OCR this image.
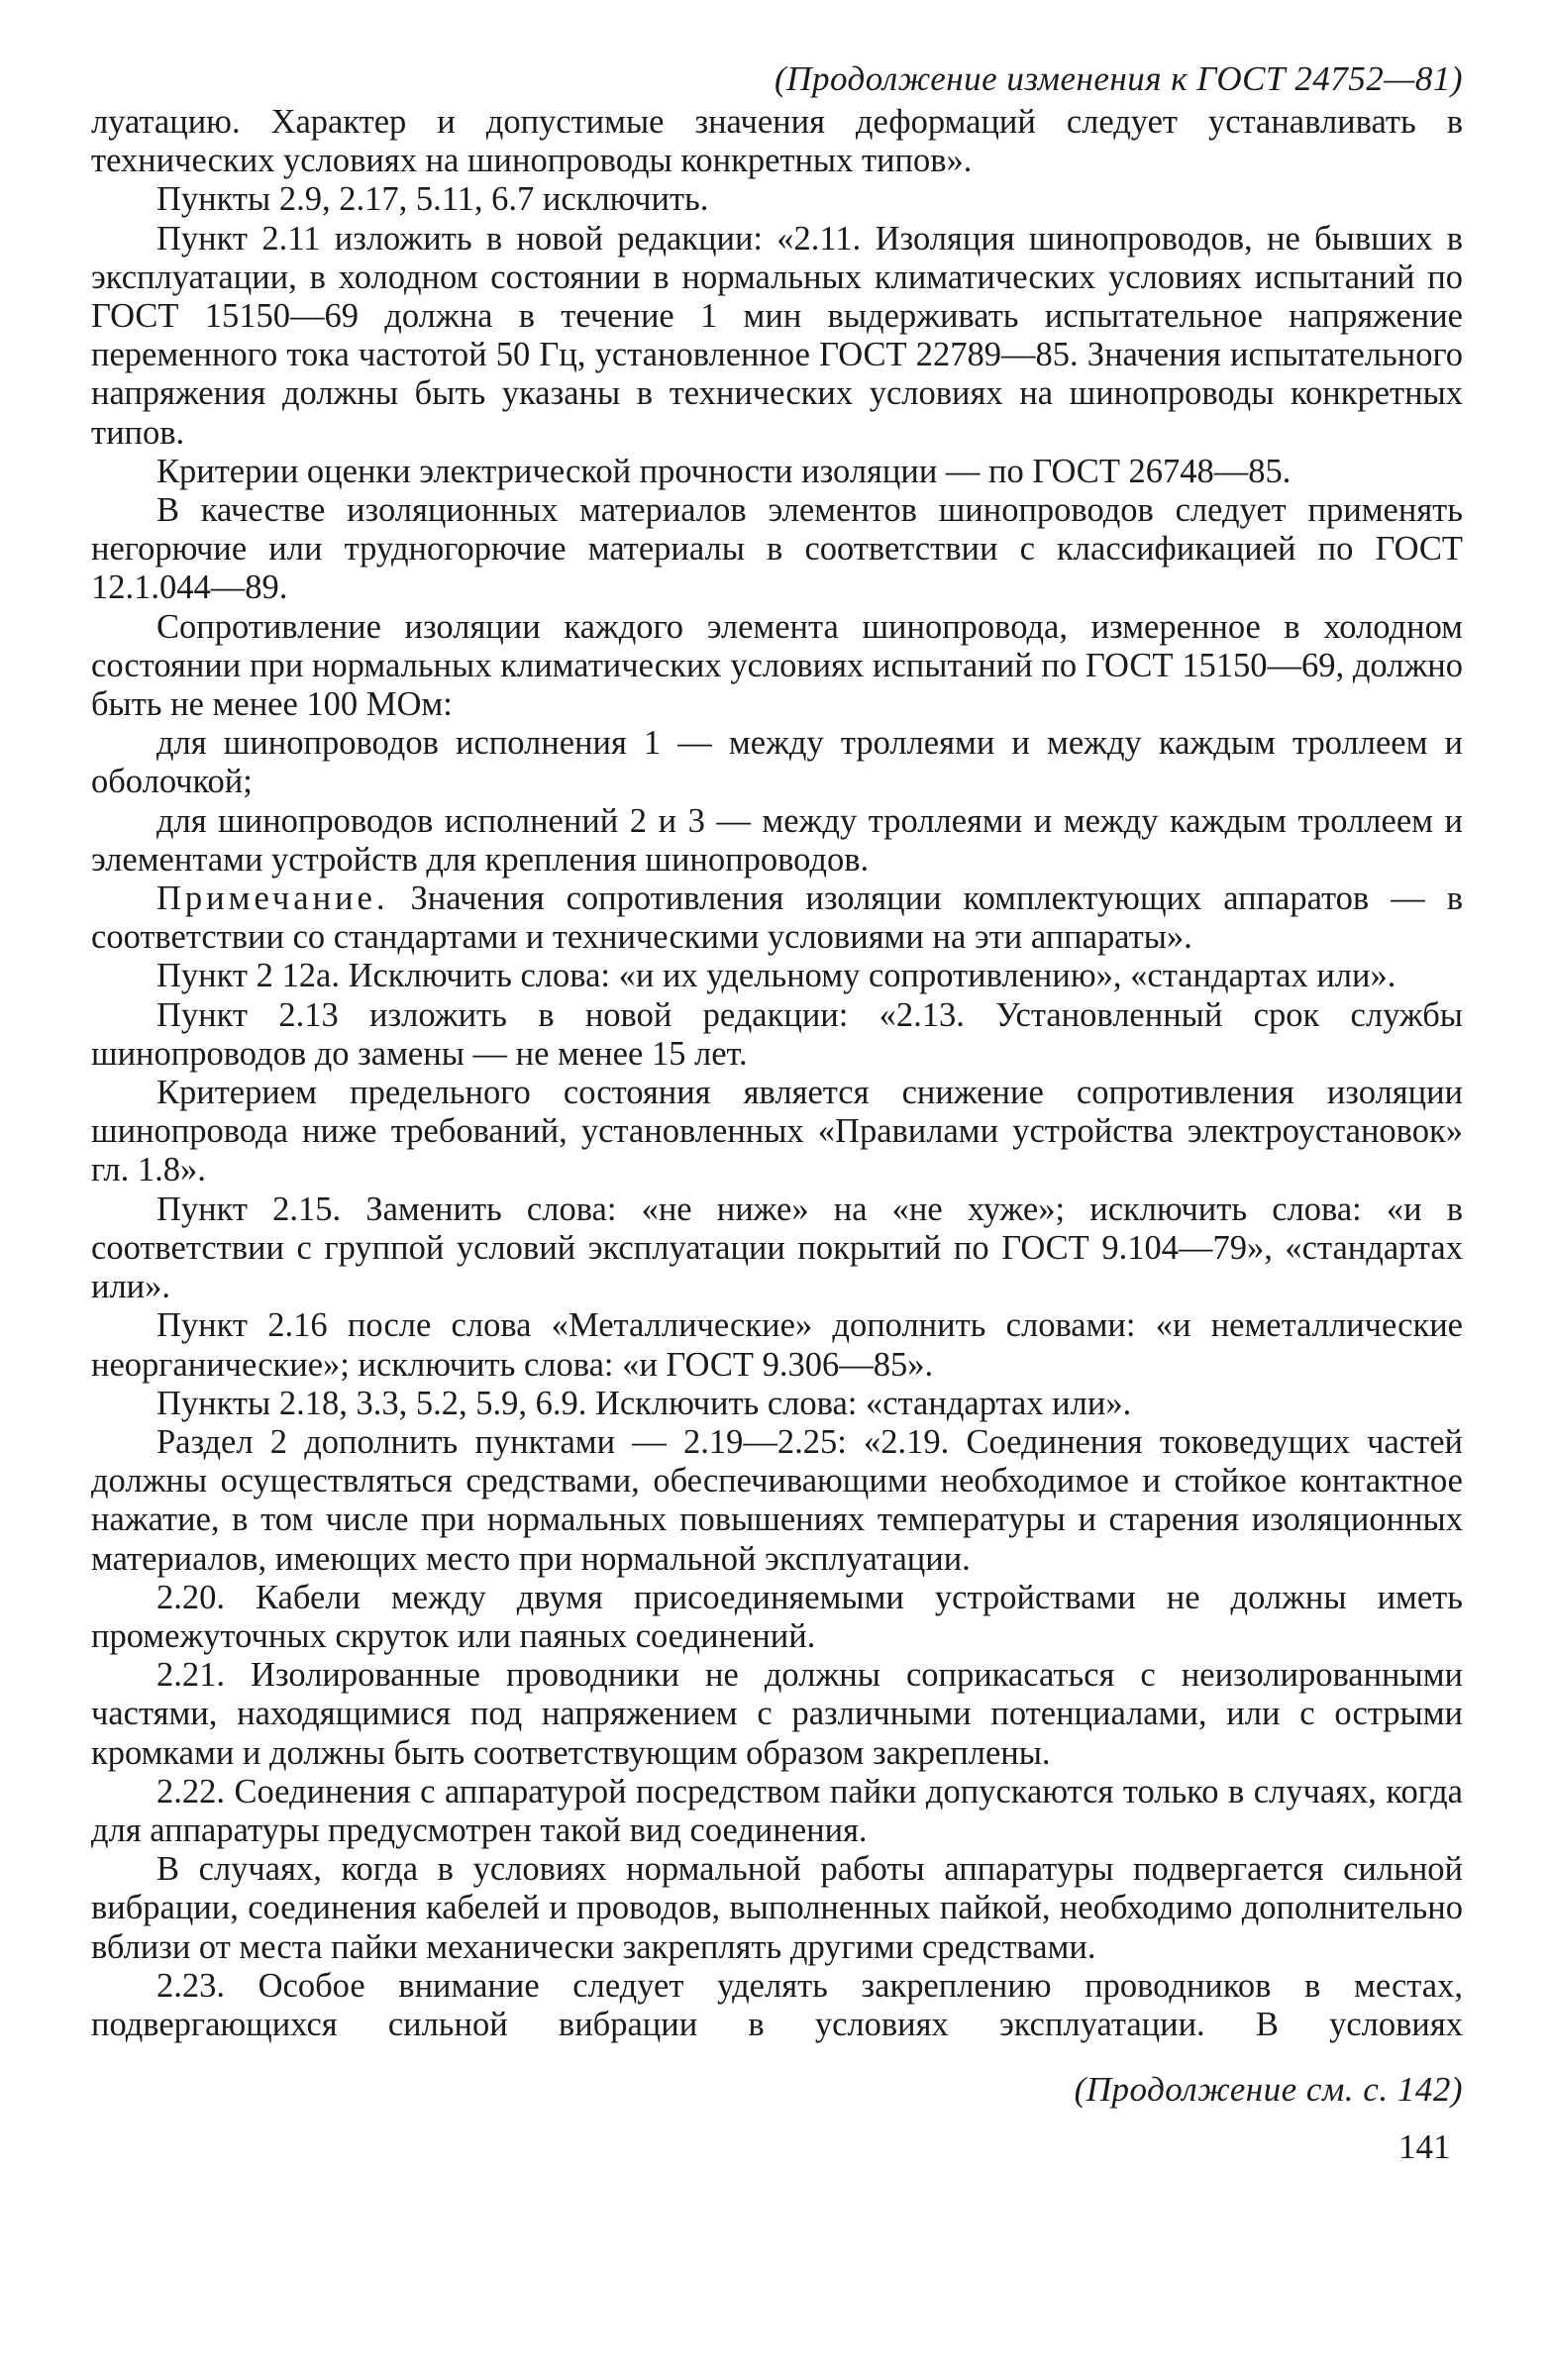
(Продолжение изменения к ГОСТ 24752—81)

луатацию. Характер и допустимые значения деформаций следует устанавливать в технических условиях на шинопроводы конкретных типов».

Пункты 2.9, 2.17, 5.11, 6.7 исключить.

Пункт 2.11 изложить в новой редакции: «2.11. Изоляция шинопроводов, не бывших в эксплуатации, в холодном состоянии в нормальных климатических условиях испытаний по ГОСТ 15150—69 должна в течение 1 мин выдерживать испытательное напряжение переменного тока частотой 50 Гц, установленное ГОСТ 22789—85. Значения испытательного напряжения должны быть указаны в технических условиях на шинопроводы конкретных типов.

Критерии оценки электрической прочности изоляции — по ГОСТ 26748—85.

В качестве изоляционных материалов элементов шинопроводов следует применять негорючие или трудногорючие материалы в соответствии с классификацией по ГОСТ 12.1.044—89.

Сопротивление изоляции каждого элемента шинопровода, измеренное в холодном состоянии при нормальных климатических условиях испытаний по ГОСТ 15150—69, должно быть не менее 100 МОм:

для шинопроводов исполнения 1 — между троллеями и между каждым троллеем и оболочкой;

для шинопроводов исполнений 2 и 3 — между троллеями и между каждым троллеем и элементами устройств для крепления шинопроводов.

Примечание. Значения сопротивления изоляции комплектующих аппаратов — в соответствии со стандартами и техническими условиями на эти аппараты».

Пункт 2 12а. Исключить слова: «и их удельному сопротивлению», «стандартах или».

Пункт 2.13 изложить в новой редакции: «2.13. Установленный срок службы шинопроводов до замены — не менее 15 лет.

Критерием предельного состояния является снижение сопротивления изоляции шинопровода ниже требований, установленных «Правилами устройства электроустановок» гл. 1.8».

Пункт 2.15. Заменить слова: «не ниже» на «не хуже»; исключить слова: «и в соответствии с группой условий эксплуатации покрытий по ГОСТ 9.104—79», «стандартах или».

Пункт 2.16 после слова «Металлические» дополнить словами: «и неметаллические неорганические»; исключить слова: «и ГОСТ 9.306—85».

Пункты 2.18, 3.3, 5.2, 5.9, 6.9. Исключить слова: «стандартах или».

Раздел 2 дополнить пунктами — 2.19—2.25: «2.19. Соединения токоведущих частей должны осуществляться средствами, обеспечивающими необходимое и стойкое контактное нажатие, в том числе при нормальных повышениях температуры и старения изоляционных материалов, имеющих место при нормальной эксплуатации.

2.20. Кабели между двумя присоединяемыми устройствами не должны иметь промежуточных скруток или паяных соединений.

2.21. Изолированные проводники не должны соприкасаться с неизолированными частями, находящимися под напряжением с различными потенциалами, или с острыми кромками и должны быть соответствующим образом закреплены.

2.22. Соединения с аппаратурой посредством пайки допускаются только в случаях, когда для аппаратуры предусмотрен такой вид соединения.

В случаях, когда в условиях нормальной работы аппаратуры подвергается сильной вибрации, соединения кабелей и проводов, выполненных пайкой, необходимо дополнительно вблизи от места пайки механически закреплять другими средствами.

2.23. Особое внимание следует уделять закреплению проводников в местах, подвергающихся сильной вибрации в условиях эксплуатации. В условиях

(Продолжение см. с. 142)
141
